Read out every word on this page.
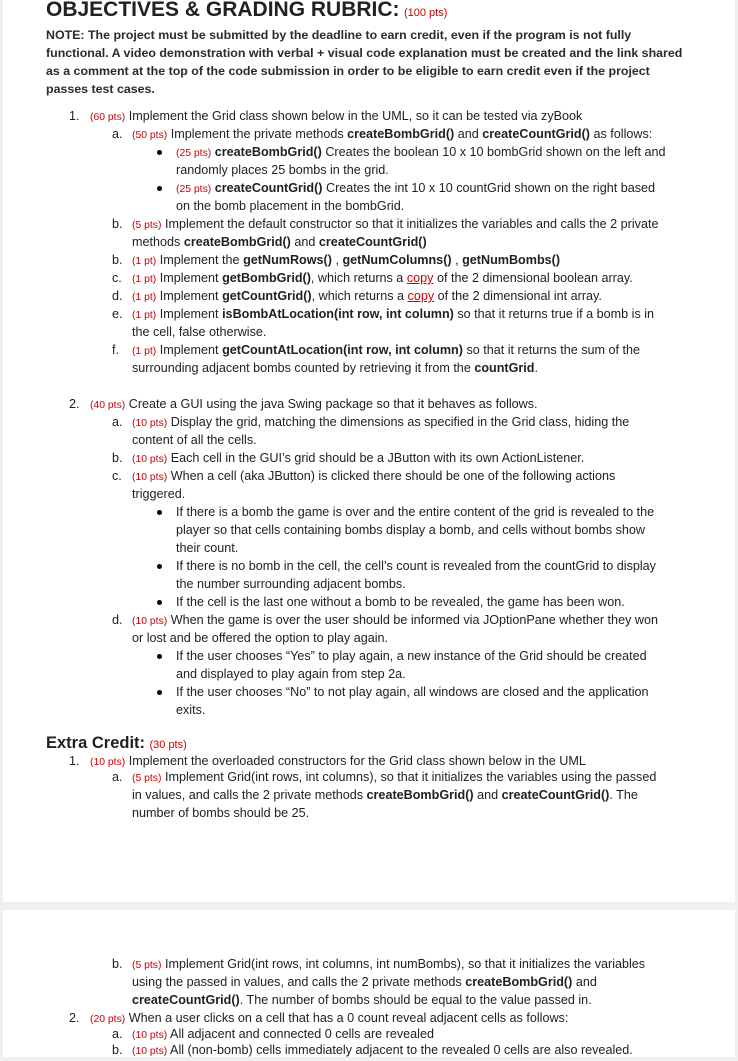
OBJECTIVES & GRADING RUBRIC: (100 pts)
NOTE: The project must be submitted by the deadline to earn credit, even if the program is not fully
functional. A video demonstration with verbal + visual code explanation must be created and the link shared
as a comment at the top of the code submission in order to be eligible to earn credit even if the project
passes test cases.
1. (60 pts) Implement the Grid class shown below in the UML, so it can be tested via zyBook
a. (50 pts) Implement the private methods createBombGrid() and createCountGrid() as follows:
(25 pts) createBombGrid() Creates the boolean 10 x 10 bombGrid shown on the left and
randomly places 25 bombs in the grid.
(25 pts) createCountGrid() Creates the int 10 x 10 countGrid shown on the right based
on the bomb placement in the bombGrid.
b. (5 pts) Implement the default constructor so that it initializes the variables and calls the 2 private
methods createBombGrid() and createCountGrid()
b. (1 pt) Implement the getNumRows() , getNumColumns() , getNumBombs()
c. (1 pt) Implement getBombGrid(), which returns a copy of the 2 dimensional boolean array.
d. (1 pt) Implement getCountGrid(), which returns a copy of the 2 dimensional int array.
e. (1 pt) Implement isBombAtLocation(int row, int column) so that it returns true if a bomb is in
the cell, false otherwise.
f. (1 pt) Implement getCountAtLocation(int row, int column) so that it returns the sum of the
surrounding adjacent bombs counted by retrieving it from the countGrid.
2. (40 pts) Create a GUI using the java Swing package so that it behaves as follows.
a. (10 pts) Display the grid, matching the dimensions as specified in the Grid class, hiding the
content of all the cells.
b. (10 pts) Each cell in the GUI’s grid should be a JButton with its own ActionListener.
c. (10 pts) When a cell (aka JButton) is clicked there should be one of the following actions
triggered.
If there is a bomb the game is over and the entire content of the grid is revealed to the
player so that cells containing bombs display a bomb, and cells without bombs show
their count.
If there is no bomb in the cell, the cell’s count is revealed from the countGrid to display
the number surrounding adjacent bombs.
If the cell is the last one without a bomb to be revealed, the game has been won.
d. (10 pts) When the game is over the user should be informed via JOptionPane whether they won
or lost and be offered the option to play again.
If the user chooses “Yes” to play again, a new instance of the Grid should be created
and displayed to play again from step 2a.
If the user chooses “No” to not play again, all windows are closed and the application
exits.
Extra Credit: (30 pts)
1. (10 pts) Implement the overloaded constructors for the Grid class shown below in the UML
a. (5 pts) Implement Grid(int rows, int columns), so that it initializes the variables using the passed
in values, and calls the 2 private methods createBombGrid() and createCountGrid(). The
number of bombs should be 25.
b. (5 pts) Implement Grid(int rows, int columns, int numBombs), so that it initializes the variables
using the passed in values, and calls the 2 private methods createBombGrid() and
createCountGrid(). The number of bombs should be equal to the value passed in.
2. (20 pts) When a user clicks on a cell that has a 0 count reveal adjacent cells as follows:
a. (10 pts) All adjacent and connected 0 cells are revealed
b. (10 pts) All (non-bomb) cells immediately adjacent to the revealed 0 cells are also revealed.
